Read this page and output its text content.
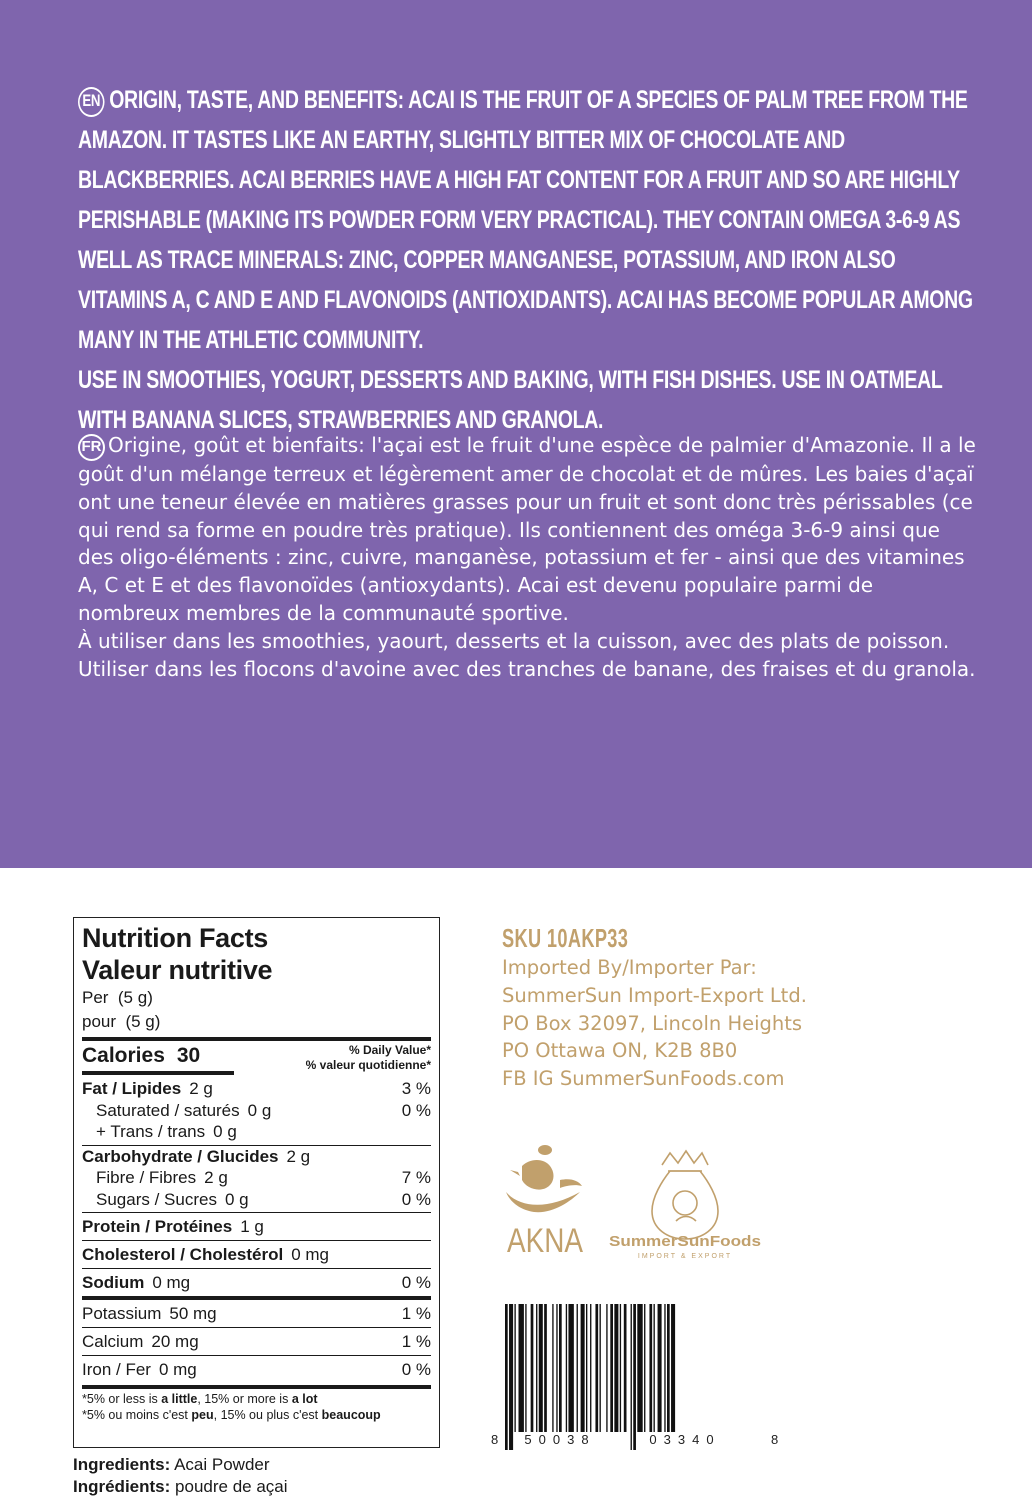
EN ORIGIN, TASTE, AND BENEFITS: ACAI IS THE FRUIT OF A SPECIES OF PALM TREE FROM THE AMAZON. IT TASTES LIKE AN EARTHY, SLIGHTLY BITTER MIX OF CHOCOLATE AND BLACKBERRIES. ACAI BERRIES HAVE A HIGH FAT CONTENT FOR A FRUIT AND SO ARE HIGHLY PERISHABLE (MAKING ITS POWDER FORM VERY PRACTICAL). THEY CONTAIN OMEGA 3-6-9 AS WELL AS TRACE MINERALS: ZINC, COPPER MANGANESE, POTASSIUM, AND IRON ALSO VITAMINS A, C AND E AND FLAVONOIDS (ANTIOXIDANTS). ACAI HAS BECOME POPULAR AMONG MANY IN THE ATHLETIC COMMUNITY.
USE IN SMOOTHIES, YOGURT, DESSERTS AND BAKING, WITH FISH DISHES. USE IN OATMEAL WITH BANANA SLICES, STRAWBERRIES AND GRANOLA.
FR Origine, goût et bienfaits: l'açai est le fruit d'une espèce de palmier d'Amazonie. Il a le goût d'un mélange terreux et légèrement amer de chocolat et de mûres. Les baies d'açaï ont une teneur élevée en matières grasses pour un fruit et sont donc très périssables (ce qui rend sa forme en poudre très pratique). Ils contiennent des oméga 3-6-9 ainsi que des oligo-éléments : zinc, cuivre, manganèse, potassium et fer - ainsi que des vitamines A, C et E et des flavonoïdes (antioxydants). Acai est devenu populaire parmi de nombreux membres de la communauté sportive.
À utiliser dans les smoothies, yaourt, desserts et la cuisson, avec des plats de poisson. Utiliser dans les flocons d'avoine avec des tranches de banane, des fraises et du granola.
Nutrition Facts
Valeur nutritive
Per  (5 g)
pour  (5 g)
Calories 30	% Daily Value*
% valeur quotidienne*
Fat / Lipides 2 g	3 %
Saturated / saturés 0 g	0 %
+ Trans / trans 0 g
Carbohydrate / Glucides 2 g
Fibre / Fibres 2 g	7 %
Sugars / Sucres 0 g	0 %
Protein / Protéines 1 g
Cholesterol / Cholestérol 0 mg
Sodium 0 mg	0 %
Potassium 50 mg	1 %
Calcium 20 mg	1 %
Iron / Fer 0 mg	0 %
*5% or less is a little, 15% or more is a lot
*5% ou moins c'est peu, 15% ou plus c'est beaucoup
Ingredients: Acai Powder
Ingrédients: poudre de açai
SKU 10AKP33
Imported By/Importer Par:
SummerSun Import-Export Ltd.
PO Box 32097, Lincoln Heights
PO Ottawa ON, K2B 8B0
FB IG SummerSunFoods.com
AKNA SummerSunFoods
IMPORT & EXPORT
8 50038	03340	8
